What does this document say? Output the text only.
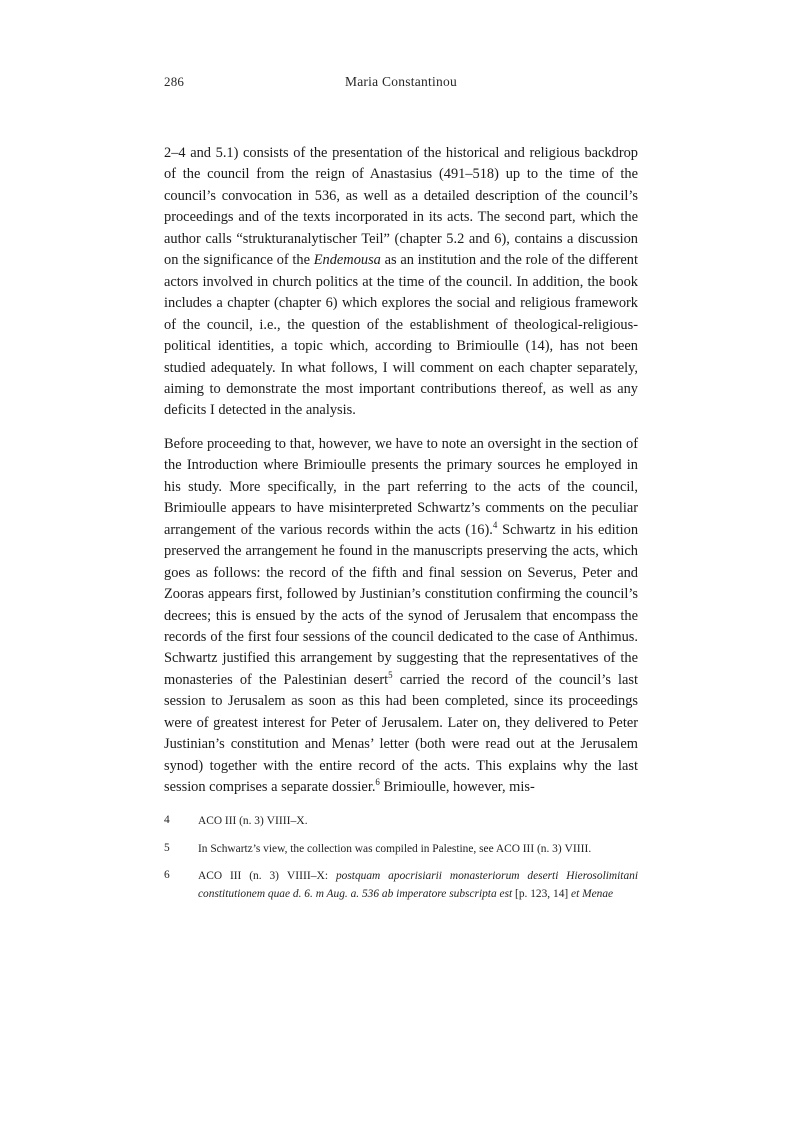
286	Maria Constantinou

2–4 and 5.1) consists of the presentation of the historical and religious backdrop of the council from the reign of Anastasius (491–518) up to the time of the council’s convocation in 536, as well as a detailed description of the council’s proceedings and of the texts incorporated in its acts. The second part, which the author calls “strukturanalytischer Teil” (chapter 5.2 and 6), contains a discussion on the significance of the Endemousa as an institution and the role of the different actors involved in church politics at the time of the council. In addition, the book includes a chapter (chapter 6) which explores the social and religious framework of the council, i.e., the question of the establishment of theological-religious-political identities, a topic which, according to Brimioulle (14), has not been studied adequately. In what follows, I will comment on each chapter separately, aiming to demonstrate the most important contributions thereof, as well as any deficits I detected in the analysis.

Before proceeding to that, however, we have to note an oversight in the section of the Introduction where Brimioulle presents the primary sources he employed in his study. More specifically, in the part referring to the acts of the council, Brimioulle appears to have misinterpreted Schwartz’s comments on the peculiar arrangement of the various records within the acts (16).$^4$ Schwartz in his edition preserved the arrangement he found in the manuscripts preserving the acts, which goes as follows: the record of the fifth and final session on Severus, Peter and Zooras appears first, followed by Justinian’s constitution confirming the council’s decrees; this is ensued by the acts of the synod of Jerusalem that encompass the records of the first four sessions of the council dedicated to the case of Anthimus. Schwartz justified this arrangement by suggesting that the representatives of the monasteries of the Palestinian desert$^5$ carried the record of the council’s last session to Jerusalem as soon as this had been completed, since its proceedings were of greatest interest for Peter of Jerusalem. Later on, they delivered to Peter Justinian’s constitution and Menas’ letter (both were read out at the Jerusalem synod) together with the entire record of the acts. This explains why the last session comprises a separate dossier.$^6$ Brimioulle, however, mis-

4	ACO III (n. 3) VIIII–X.
5	In Schwartz’s view, the collection was compiled in Palestine, see ACO III (n. 3) VIIII.
6	ACO III (n. 3) VIIII–X: postquam apocrisiarii monasteriorum deserti Hierosolimitani constitutionem quae d. 6. m Aug. a. 536 ab imperatore subscripta est [p. 123, 14] et Menae
